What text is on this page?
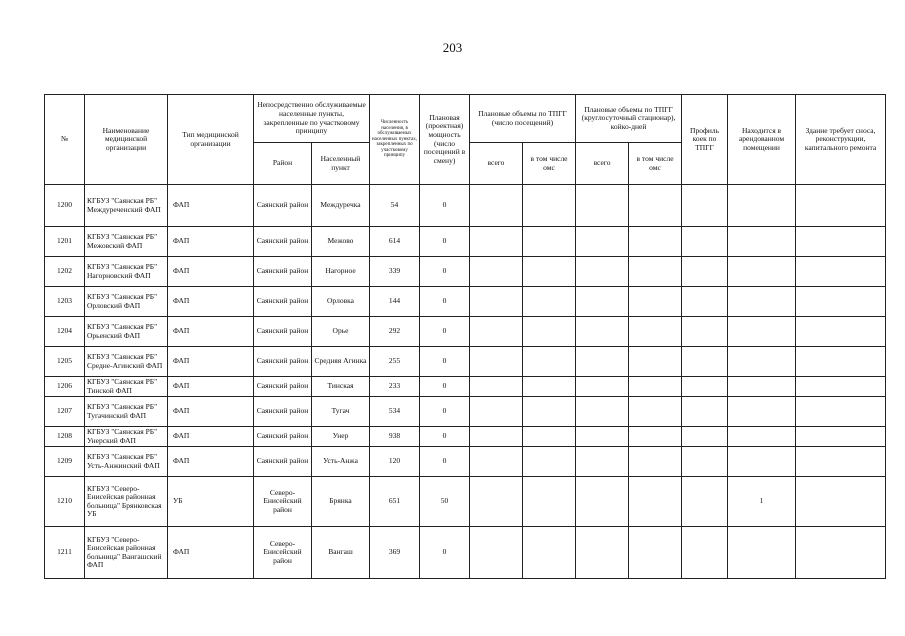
203
№	Наименование медицинской организации	Тип медицинской организации	Непосредственно обслуживаемые населенные пункты, закрепленные по участковому принципу		Численность населения, в обслуживаемых населенных пунктах, закрепленных по участковому принципу	Плановая (проектная) мощность (число посещений в смену)	Плановые объемы по ТПГГ (число посещений)		Плановые объемы по ТПГГ (круглосуточный стационар), койко-дней		Профиль коек по ТПГГ	Находится в арендованном помещении	Здание требует сноса, реконструкции, капитального ремонта
			Район	Населенный пункт			всего	в том числе омс	всего	в том числе омс			
1200	КГБУЗ "Саянская РБ" Междуреченский ФАП	ФАП	Саянский район	Междуречка	54	0							
1201	КГБУЗ "Саянская РБ" Межовский ФАП	ФАП	Саянский район	Межово	614	0							
1202	КГБУЗ "Саянская РБ" Нагорновский ФАП	ФАП	Саянский район	Нагорное	339	0							
1203	КГБУЗ "Саянская РБ" Орловский ФАП	ФАП	Саянский район	Орловка	144	0							
1204	КГБУЗ "Саянская РБ" Орьенский ФАП	ФАП	Саянский район	Орье	292	0							
1205	КГБУЗ "Саянская РБ" Средне-Агинский ФАП	ФАП	Саянский район	Средняя Агинка	255	0							
1206	КГБУЗ "Саянская РБ" Тинской ФАП	ФАП	Саянский район	Тинская	233	0							
1207	КГБУЗ "Саянская РБ" Тугачинский ФАП	ФАП	Саянский район	Тугач	534	0							
1208	КГБУЗ "Саянская РБ" Унерский ФАП	ФАП	Саянский район	Унер	938	0							
1209	КГБУЗ "Саянская РБ" Усть-Анжинский ФАП	ФАП	Саянский район	Усть-Анжа	120	0							
1210	КГБУЗ "Северо-Енисейская районная больница" Брянковская УБ	УБ	Северо-Енисейский район	Брянка	651	50						1	
1211	КГБУЗ "Северо-Енисейская районная больница" Вангашский ФАП	ФАП	Северо-Енисейский район	Вангаш	369	0							
